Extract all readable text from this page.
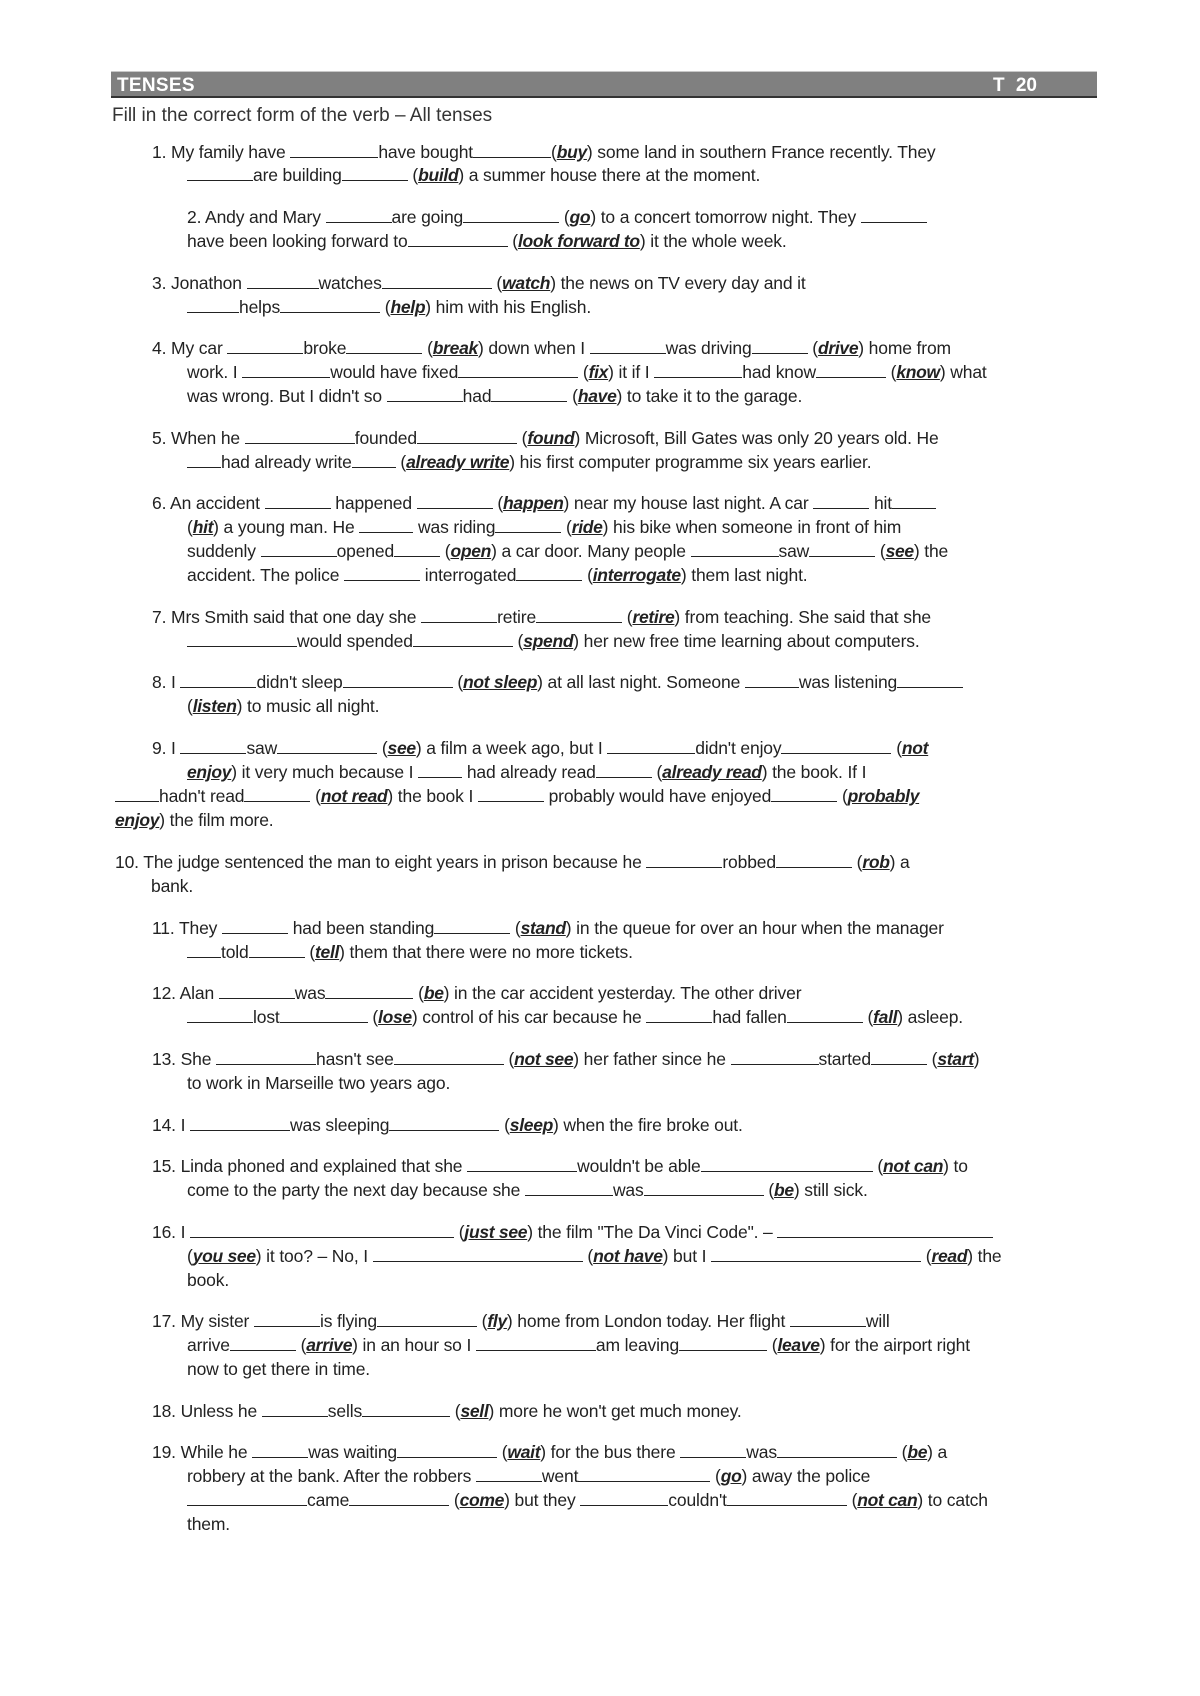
TENSES	T 20
Fill in the correct form of the verb – All tenses
1. My family have	have bought	(buy) some land in southern France recently. They
are building	(build) a summer house there at the moment.
2. Andy and Mary	are going	(go) to a concert tomorrow night. They
have been looking forward to	(look forward to) it the whole week.
3. Jonathon	watches	(watch) the news on TV every day and it
helps	(help) him with his English.
4. My car	broke	(break) down when I	was driving	(drive) home from
work. I	would have fixed	(fix) it if I	had know	(know) what
was wrong. But I didn't so	had	(have) to take it to the garage.
5. When he	founded	(found) Microsoft, Bill Gates was only 20 years old. He
had already write	(already write) his first computer programme six years earlier.
6. An accident	happened	(happen) near my house last night. A car	hit
(hit) a young man. He	was riding	(ride) his bike when someone in front of him
suddenly	opened	(open) a car door. Many people	saw	(see) the
accident. The police	interrogated	(interrogate) them last night.
7. Mrs Smith said that one day she	retire	(retire) from teaching. She said that she
would spended	(spend) her new free time learning about computers.
8. I	didn't sleep	(not sleep) at all last night. Someone	was listening
(listen) to music all night.
9. I	saw	(see) a film a week ago, but I	didn't enjoy	(not
enjoy) it very much because I	had already read	(already read) the book. If I
hadn't read	(not read) the book I	probably would have enjoyed	(probably
enjoy) the film more.
10. The judge sentenced the man to eight years in prison because he	robbed	(rob) a
bank.
11. They	had been standing	(stand) in the queue for over an hour when the manager
told	(tell) them that there were no more tickets.
12. Alan	was	(be) in the car accident yesterday. The other driver
lost	(lose) control of his car because he	had fallen	(fall) asleep.
13. She	hasn't see	(not see) her father since he	started	(start)
to work in Marseille two years ago.
14. I	was sleeping	(sleep) when the fire broke out.
15. Linda phoned and explained that she	wouldn't be able	(not can) to
come to the party the next day because she	was	(be) still sick.
16. I	(just see) the film "The Da Vinci Code". –
(you see) it too? – No, I	(not have) but I	(read) the
book.
17. My sister	is flying	(fly) home from London today. Her flight	will
arrive	(arrive) in an hour so I	am leaving	(leave) for the airport right
now to get there in time.
18. Unless he	sells	(sell) more he won't get much money.
19. While he	was waiting	(wait) for the bus there	was	(be) a
robbery at the bank. After the robbers	went	(go) away the police
came	(come) but they	couldn't	(not can) to catch
them.
